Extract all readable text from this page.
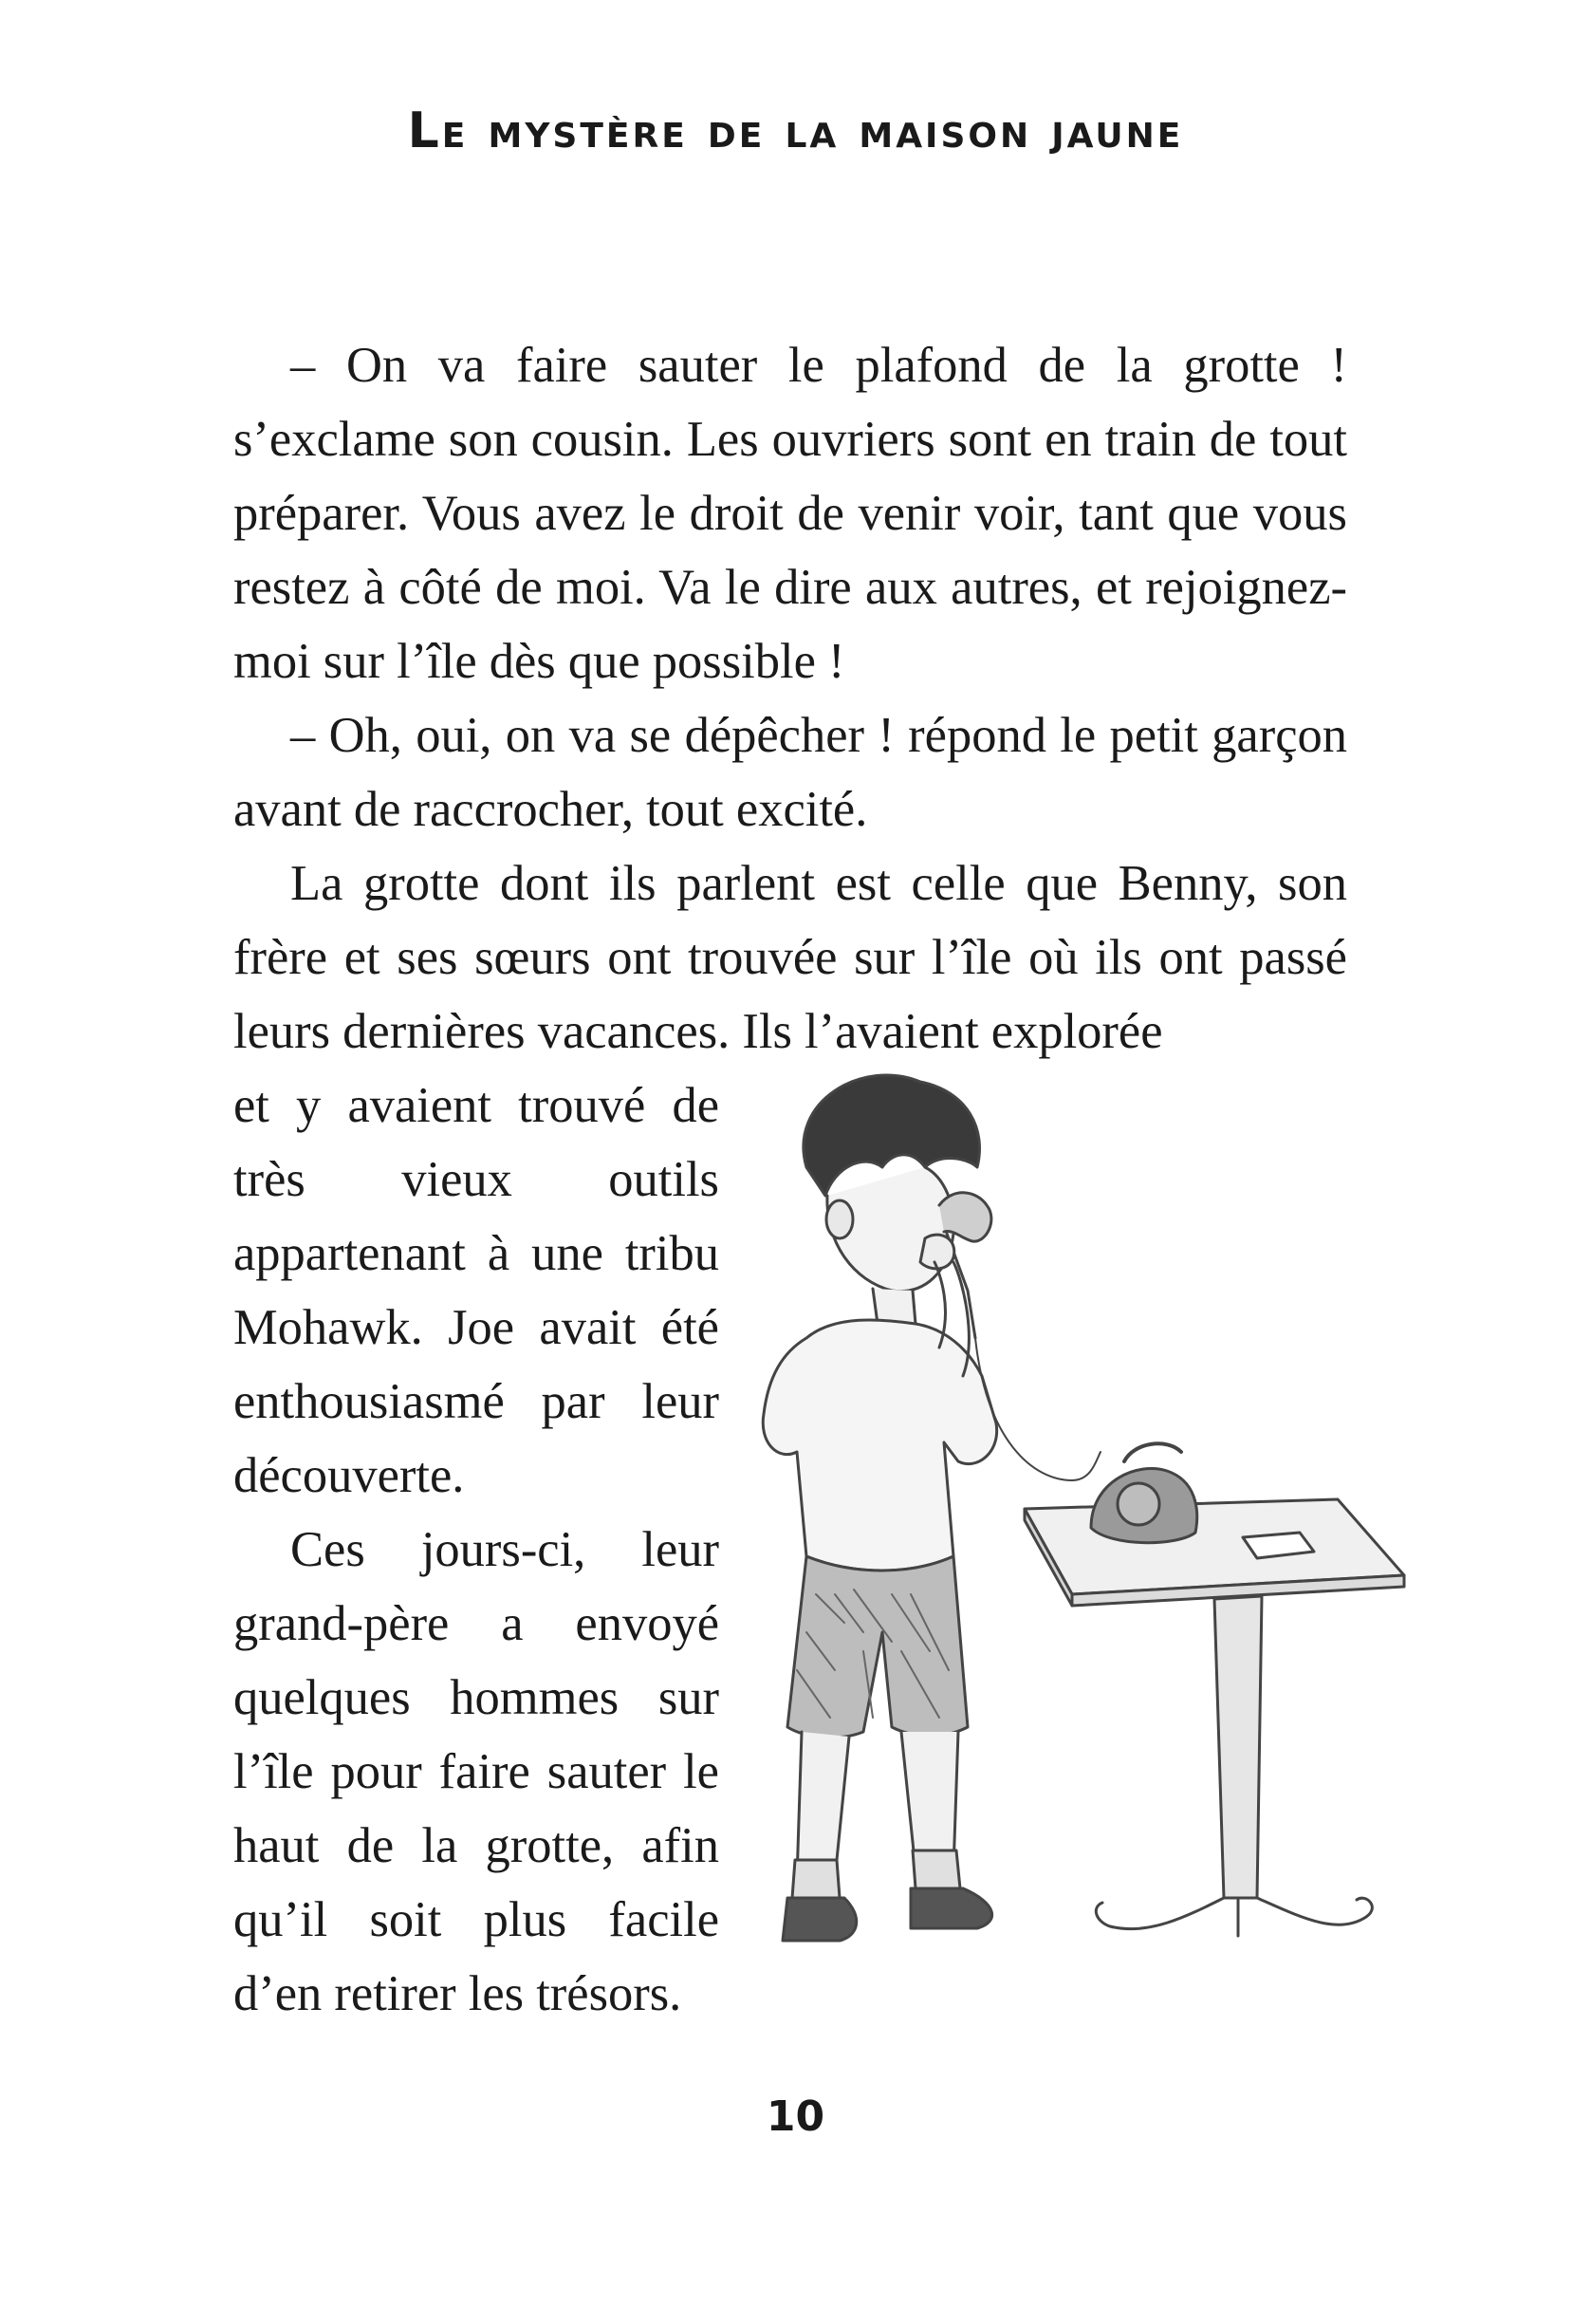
Le mystère de la maison jaune

– On va faire sauter le plafond de la grotte ! s’exclame son cousin. Les ouvriers sont en train de tout préparer. Vous avez le droit de venir voir, tant que vous restez à côté de moi. Va le dire aux autres, et rejoignez-moi sur l’île dès que possible !

– Oh, oui, on va se dépêcher ! répond le petit garçon avant de raccrocher, tout excité.

La grotte dont ils parlent est celle que Benny, son frère et ses sœurs ont trouvée sur l’île où ils ont passé leurs dernières vacances. Ils l’avaient explorée

et y avaient trouvé de très vieux outils appartenant à une tribu Mohawk. Joe avait été enthousiasmé par leur découverte.

Ces jours-ci, leur grand-père a envoyé quelques hommes sur l’île pour faire sauter le haut de la grotte, afin qu’il soit plus facile d’en retirer les trésors.

10
